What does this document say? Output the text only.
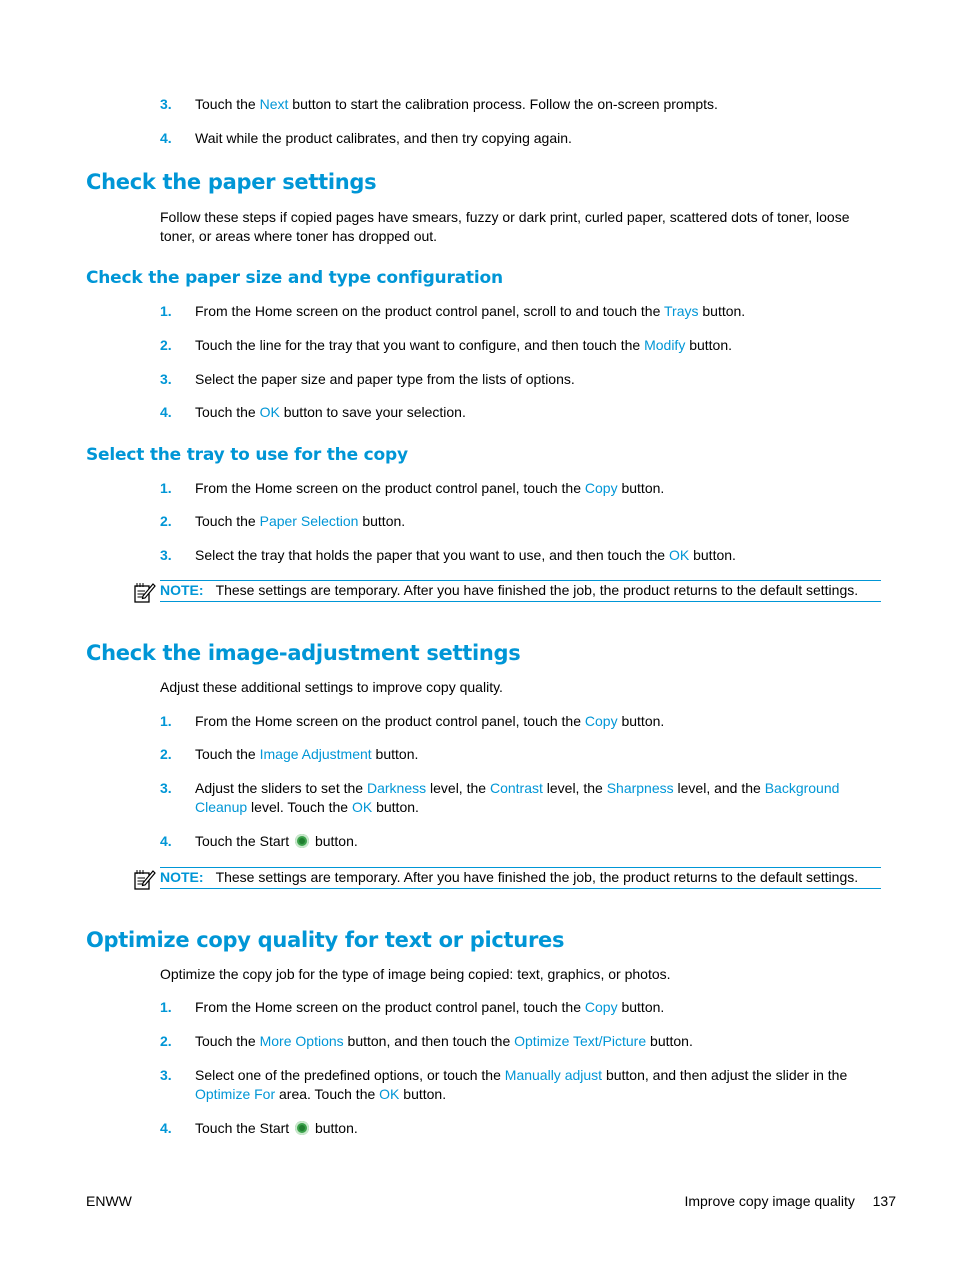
3.	Touch the Next button to start the calibration process. Follow the on-screen prompts.
4.	Wait while the product calibrates, and then try copying again.
Check the paper settings
Follow these steps if copied pages have smears, fuzzy or dark print, curled paper, scattered dots of toner, loose toner, or areas where toner has dropped out.
Check the paper size and type configuration
1.	From the Home screen on the product control panel, scroll to and touch the Trays button.
2.	Touch the line for the tray that you want to configure, and then touch the Modify button.
3.	Select the paper size and paper type from the lists of options.
4.	Touch the OK button to save your selection.
Select the tray to use for the copy
1.	From the Home screen on the product control panel, touch the Copy button.
2.	Touch the Paper Selection button.
3.	Select the tray that holds the paper that you want to use, and then touch the OK button.
NOTE: These settings are temporary. After you have finished the job, the product returns to the default settings.
Check the image-adjustment settings
Adjust these additional settings to improve copy quality.
1.	From the Home screen on the product control panel, touch the Copy button.
2.	Touch the Image Adjustment button.
3.	Adjust the sliders to set the Darkness level, the Contrast level, the Sharpness level, and the Background Cleanup level. Touch the OK button.
4.	Touch the Start  button.
NOTE: These settings are temporary. After you have finished the job, the product returns to the default settings.
Optimize copy quality for text or pictures
Optimize the copy job for the type of image being copied: text, graphics, or photos.
1.	From the Home screen on the product control panel, touch the Copy button.
2.	Touch the More Options button, and then touch the Optimize Text/Picture button.
3.	Select one of the predefined options, or touch the Manually adjust button, and then adjust the slider in the Optimize For area. Touch the OK button.
4.	Touch the Start  button.
ENWW	Improve copy image quality 137
